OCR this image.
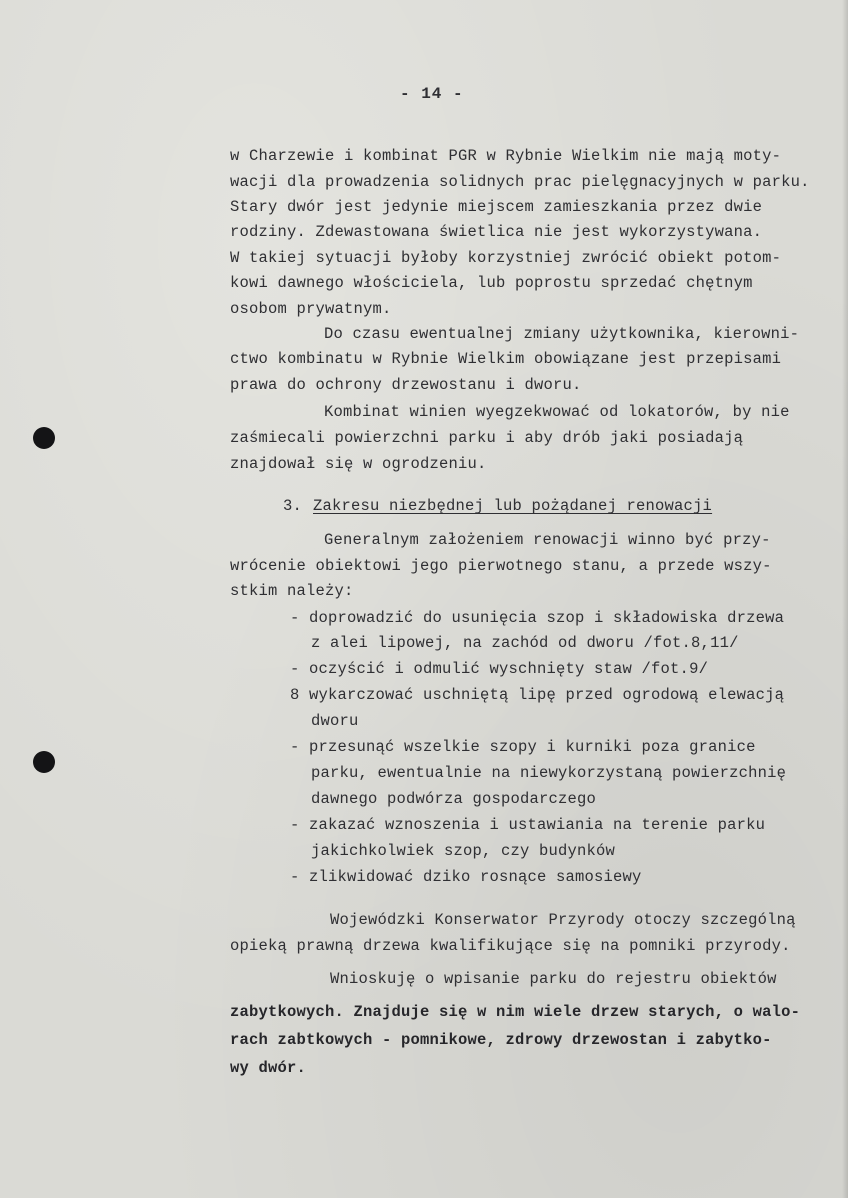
- 14 -
w Charzewie i kombinat PGR w Rybnie Wielkim nie mają moty-
wacji dla prowadzenia solidnych prac pielęgnacyjnych w parku.
Stary dwór jest jedynie miejscem zamieszkania przez dwie
rodziny. Zdewastowana świetlica nie jest wykorzystywana.
W takiej sytuacji byłoby korzystniej zwrócić obiekt potom-
kowi dawnego włościciela, lub poprostu sprzedać chętnym
osobom prywatnym.
Do czasu ewentualnej zmiany użytkownika, kierowni-
ctwo kombinatu w Rybnie Wielkim obowiązane jest przepisami
prawa do ochrony drzewostanu i dworu.
Kombinat winien wyegzekwować od lokatorów, by nie
zaśmiecali powierzchni parku i aby drób jaki posiadają
znajdował się w ogrodzeniu.
3. Zakresu niezbędnej lub pożądanej renowacji
Generalnym założeniem renowacji winno być przy-
wrócenie obiektowi jego pierwotnego stanu, a przede wszy-
stkim należy:
- doprowadzić do usunięcia szop i składowiska drzewa
z alei lipowej, na zachód od dworu /fot.8,11/
- oczyścić i odmulić wyschnięty staw /fot.9/
8 wykarczować uschniętą lipę przed ogrodową elewacją
dworu
- przesunąć wszelkie szopy i kurniki poza granice
parku, ewentualnie na niewykorzystaną powierzchnię
dawnego podwórza gospodarczego
- zakazać wznoszenia i ustawiania na terenie parku
jakichkolwiek szop, czy budynków
- zlikwidować dziko rosnące samosiewy
Wojewódzki Konserwator Przyrody otoczy szczególną
opieką prawną drzewa kwalifikujące się na pomniki przyrody.
Wnioskuję o wpisanie parku do rejestru obiektów
zabytkowych. Znajduje się w nim wiele drzew starych, o walo-
rach zabtkowych - pomnikowe, zdrowy drzewostan i zabytko-
wy dwór.
